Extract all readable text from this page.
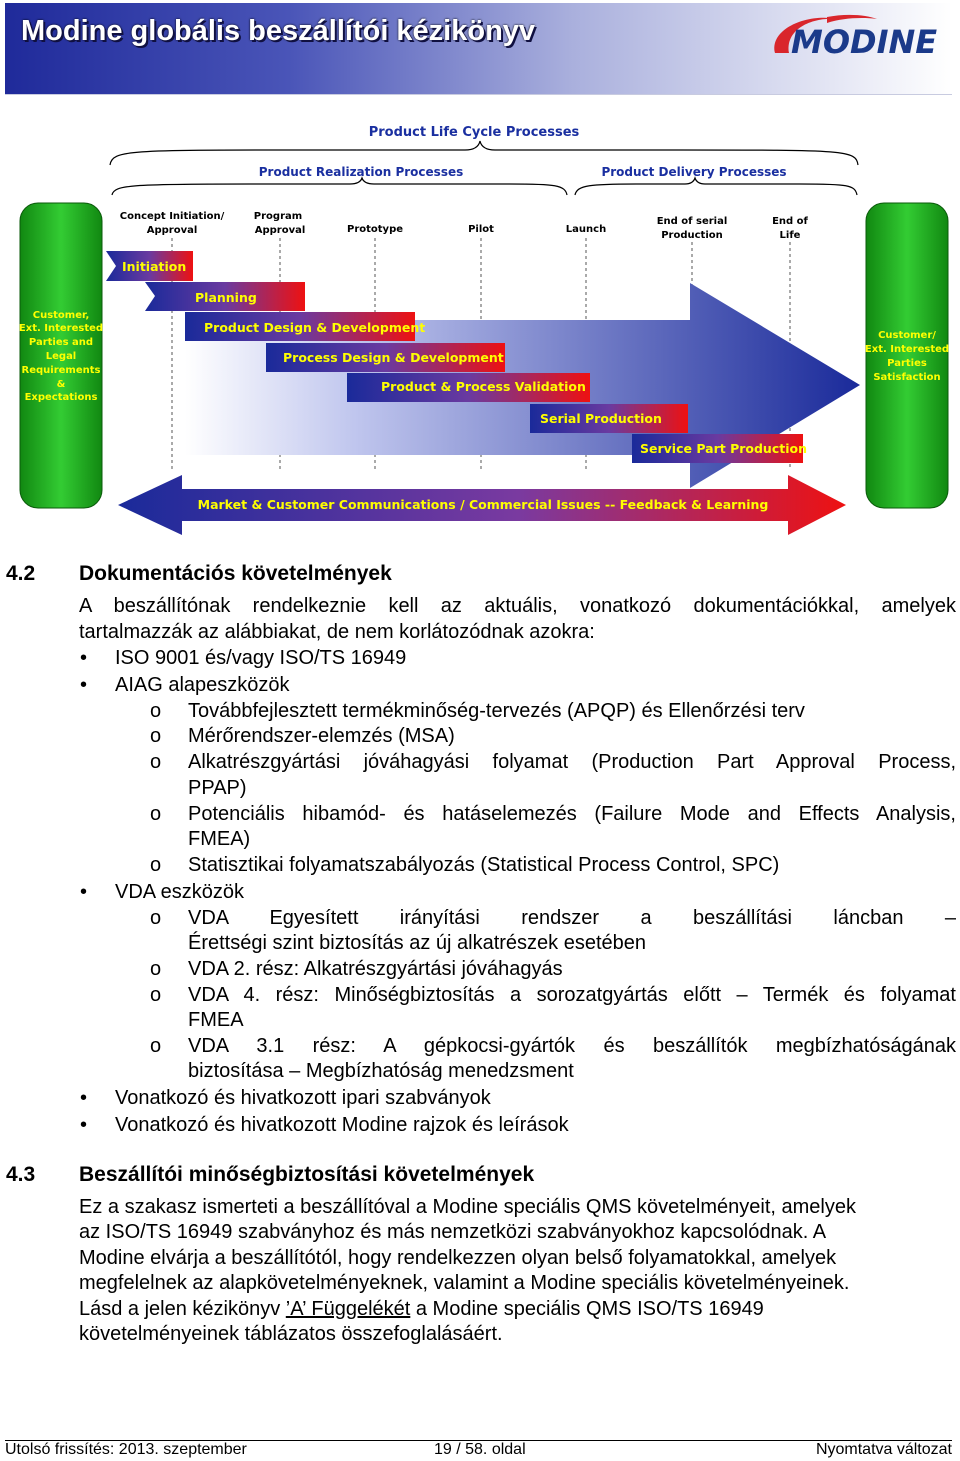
Modine globális beszállítói kézikönyv	MODINE
Product Life Cycle Processes
Product Realization Processes	Product Delivery Processes
Concept Initiation/
Approval
Program
Approval	Prototype	Pilot	Launch
End of serial
Production
End of
Life
Customer,
Ext. Interested
Parties and
Legal
Requirements
&
Expectations
Customer/
Ext. Interested
Parties
Satisfaction
Initiation
Planning
Product Design & Development
Process Design & Development
Product & Process Validation
Serial Production
Service Part Production
Market & Customer Communications / Commercial Issues -- Feedback & Learning
4.2 Dokumentációs követelmények
A beszállítónak rendelkeznie kell az aktuális, vonatkozó dokumentációkkal, amelyek
tartalmazzák az alábbiakat, de nem korlátozódnak azokra:
• ISO 9001 és/vagy ISO/TS 16949
• AIAG alapeszközök
o Továbbfejlesztett termékminőség-tervezés (APQP) és Ellenőrzési terv
o Mérőrendszer-elemzés (MSA)
o Alkatrészgyártási jóváhagyási folyamat (Production Part Approval Process,
PPAP)
o Potenciális hibamód- és hatáselemezés (Failure Mode and Effects Analysis,
FMEA)
o Statisztikai folyamatszabályozás (Statistical Process Control, SPC)
• VDA eszközök
o VDA Egyesített irányítási rendszer a beszállítási láncban –
Érettségi szint biztosítás az új alkatrészek esetében
o VDA 2. rész: Alkatrészgyártási jóváhagyás
o VDA 4. rész: Minőségbiztosítás a sorozatgyártás előtt – Termék és folyamat
FMEA
o VDA 3.1 rész: A gépkocsi-gyártók és beszállítók megbízhatóságának
biztosítása – Megbízhatóság menedzsment
• Vonatkozó és hivatkozott ipari szabványok
• Vonatkozó és hivatkozott Modine rajzok és leírások
4.3 Beszállítói minőségbiztosítási követelmények
Ez a szakasz ismerteti a beszállítóval a Modine speciális QMS követelményeit, amelyek
az ISO/TS 16949 szabványhoz és más nemzetközi szabványokhoz kapcsolódnak. A
Modine elvárja a beszállítótól, hogy rendelkezzen olyan belső folyamatokkal, amelyek
megfelelnek az alapkövetelményeknek, valamint a Modine speciális követelményeinek.
Lásd a jelen kézikönyv ’A’ Függelékét a Modine speciális QMS ISO/TS 16949
követelményeinek táblázatos összefoglalásáért.
Utolsó frissítés: 2013. szeptember	19 / 58. oldal	Nyomtatva változat
